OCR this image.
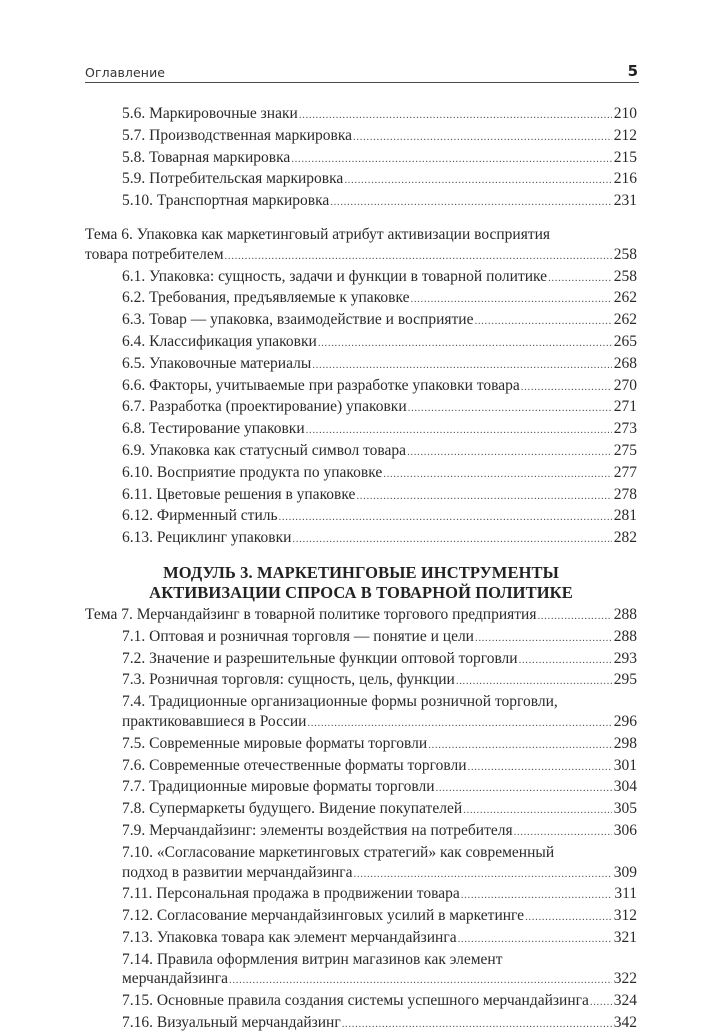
Оглавление	5
5.6. Маркировочные знаки .....	210
5.7. Производственная маркировка .....	212
5.8. Товарная маркировка .....	215
5.9. Потребительская маркировка .....	216
5.10. Транспортная маркировка .....	231
Тема 6. Упаковка как маркетинговый атрибут активизации восприятия
товара потребителем .....	258
6.1. Упаковка: сущность, задачи и функции в товарной политике .....	258
6.2. Требования, предъявляемые к упаковке .....	262
6.3. Товар — упаковка, взаимодействие и восприятие .....	262
6.4. Классификация упаковки .....	265
6.5. Упаковочные материалы .....	268
6.6. Факторы, учитываемые при разработке упаковки товара .....	270
6.7. Разработка (проектирование) упаковки .....	271
6.8. Тестирование упаковки .....	273
6.9. Упаковка как статусный символ товара .....	275
6.10. Восприятие продукта по упаковке .....	277
6.11. Цветовые решения в упаковке .....	278
6.12. Фирменный стиль .....	281
6.13. Рециклинг упаковки .....	282
МОДУЛЬ 3. МАРКЕТИНГОВЫЕ ИНСТРУМЕНТЫ
АКТИВИЗАЦИИ СПРОСА В ТОВАРНОЙ ПОЛИТИКЕ
Тема 7. Мерчандайзинг в товарной политике торгового предприятия .....	288
7.1. Оптовая и розничная торговля — понятие и цели .....	288
7.2. Значение и разрешительные функции оптовой торговли .....	293
7.3. Розничная торговля: сущность, цель, функции .....	295
7.4. Традиционные организационные формы розничной торговли,
практиковавшиеся в России .....	296
7.5. Современные мировые форматы торговли .....	298
7.6. Современные отечественные форматы торговли .....	301
7.7. Традиционные мировые форматы торговли .....	304
7.8. Супермаркеты будущего. Видение покупателей .....	305
7.9. Мерчандайзинг: элементы воздействия на потребителя .....	306
7.10. «Согласование маркетинговых стратегий» как современный
подход в развитии мерчандайзинга .....	309
7.11. Персональная продажа в продвижении товара .....	311
7.12. Согласование мерчандайзинговых усилий в маркетинге .....	312
7.13. Упаковка товара как элемент мерчандайзинга .....	321
7.14. Правила оформления витрин магазинов как элемент
мерчандайзинга .....	322
7.15. Основные правила создания системы успешного мерчандайзинга ..... 324
7.16. Визуальный мерчандайзинг .....	342
